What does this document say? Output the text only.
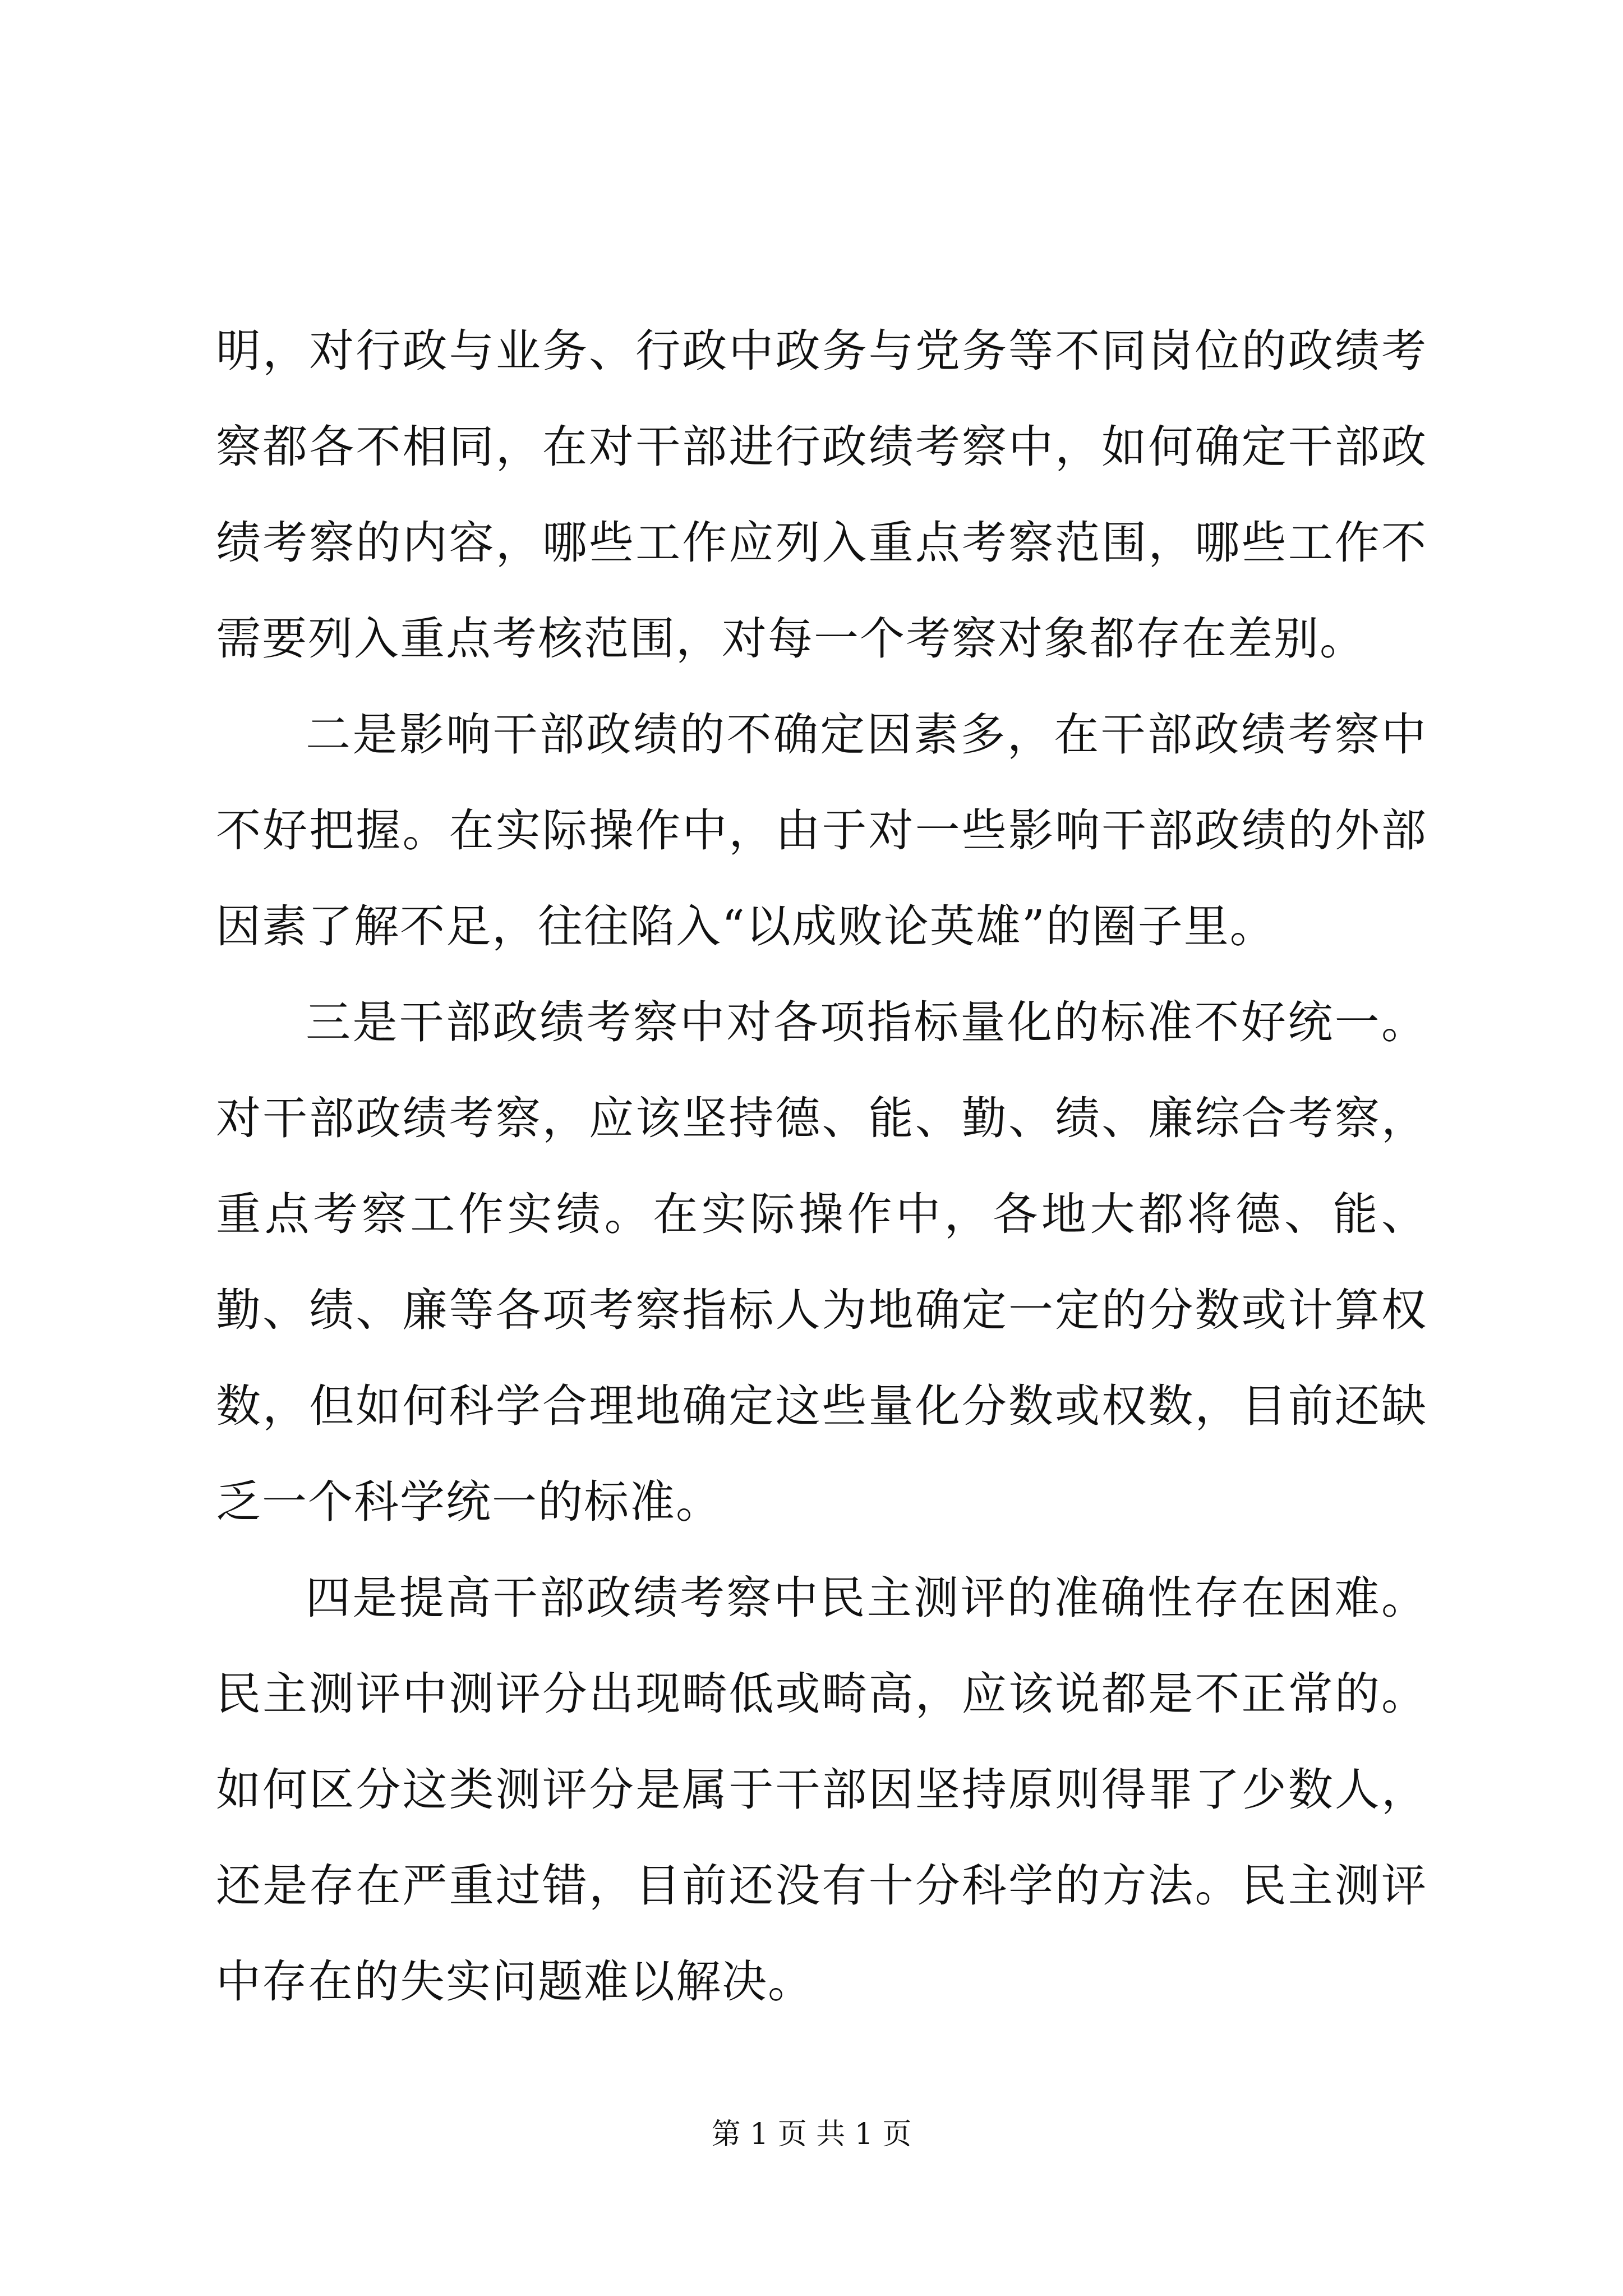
明，对行政与业务、行政中政务与党务等不同岗位的政绩考察都各不相同，在对干部进行政绩考察中，如何确定干部政绩考察的内容，哪些工作应列入重点考察范围，哪些工作不需要列入重点考核范围，对每一个考察对象都存在差别。

二是影响干部政绩的不确定因素多，在干部政绩考察中不好把握。在实际操作中，由于对一些影响干部政绩的外部因素了解不足，往往陷入“以成败论英雄”的圈子里。

三是干部政绩考察中对各项指标量化的标准不好统一。对干部政绩考察，应该坚持德、能、勤、绩、廉综合考察，重点考察工作实绩。在实际操作中，各地大都将德、能、勤、绩、廉等各项考察指标人为地确定一定的分数或计算权数，但如何科学合理地确定这些量化分数或权数，目前还缺乏一个科学统一的标准。

四是提高干部政绩考察中民主测评的准确性存在困难。民主测评中测评分出现畸低或畸高，应该说都是不正常的。如何区分这类测评分是属于干部因坚持原则得罪了少数人，还是存在严重过错，目前还没有十分科学的方法。民主测评中存在的失实问题难以解决。

第 1 页 共 1 页
